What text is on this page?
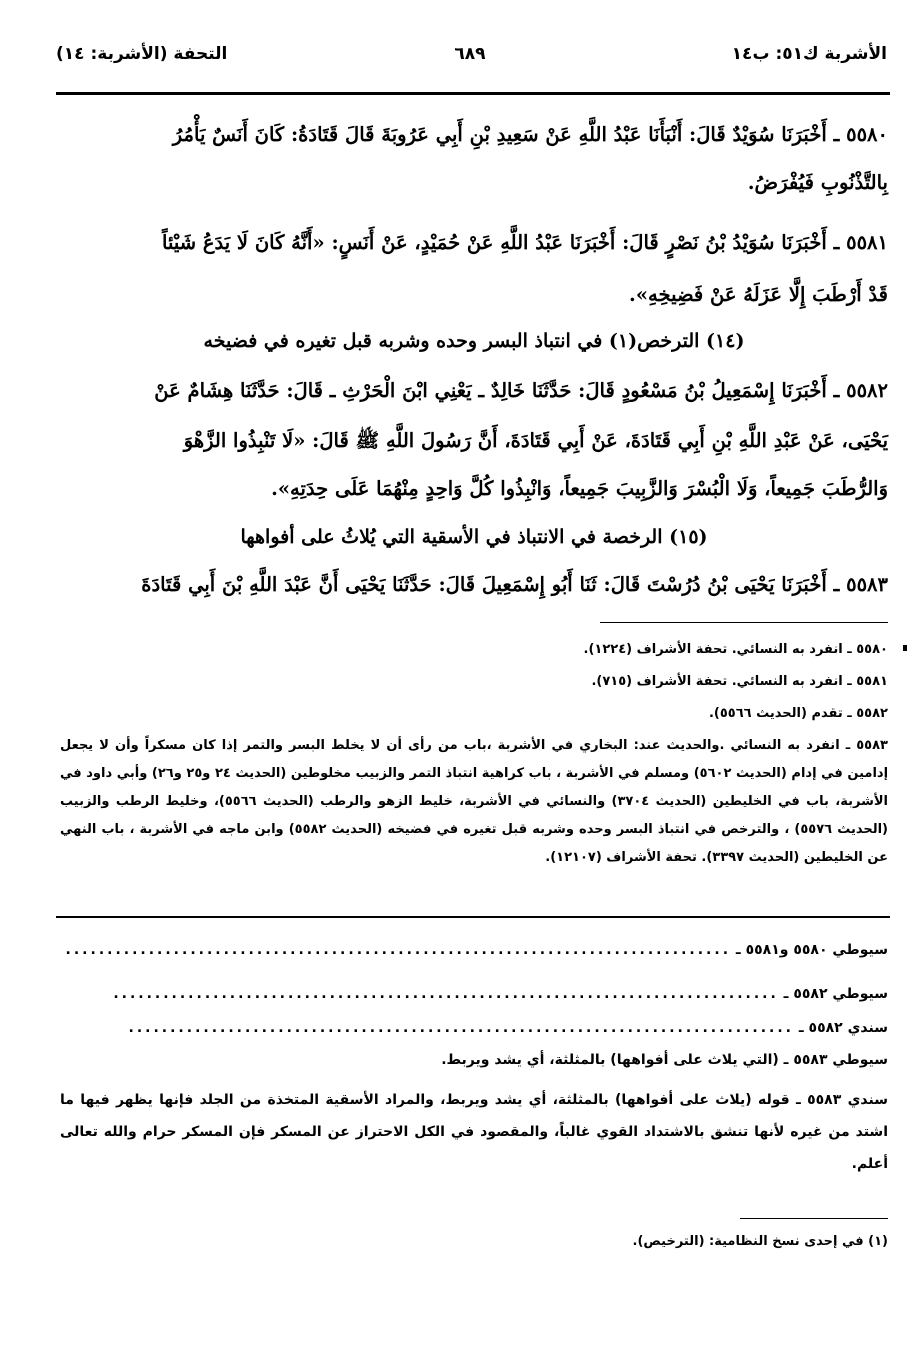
الأشربة ك٥١: ب١٤
٦٨٩
التحفة (الأشربة: ١٤)
٥٥٨٠ ـ أَخْبَرَنَا سُوَيْدٌ قَالَ: أَنْبَأَنَا عَبْدُ اللَّهِ عَنْ سَعِيدِ بْنِ أَبِي عَرُوبَةَ قَالَ قَتَادَةُ: كَانَ أَنَسٌ يَأْمُرُ
بِالتَّذْنُوبِ فَيُفْرَضُ.
٥٥٨١ ـ أَخْبَرَنَا سُوَيْدُ بْنُ نَصْرٍ قَالَ: أَخْبَرَنَا عَبْدُ اللَّهِ عَنْ حُمَيْدٍ، عَنْ أَنَسٍ: «أَنَّهُ كَانَ لَا يَدَعُ شَيْئاً
قَدْ أَرْطَبَ إِلَّا عَزَلَهُ عَنْ فَضِيخِهِ».
(١٤) الترخص(١) في انتباذ البسر وحده وشربه قبل تغيره في فضيخه
٥٥٨٢ ـ أَخْبَرَنَا إِسْمَعِيلُ بْنُ مَسْعُودٍ قَالَ: حَدَّثَنَا خَالِدٌ ـ يَعْنِي ابْنَ الْحَرْثِ ـ قَالَ: حَدَّثَنَا هِشَامٌ عَنْ
يَحْيَى، عَنْ عَبْدِ اللَّهِ بْنِ أَبِي قَتَادَةَ، عَنْ أَبِي قَتَادَةَ، أَنَّ رَسُولَ اللَّهِ ﷺ قَالَ: «لَا تَنْبِذُوا الزَّهْوَ
وَالرُّطَبَ جَمِيعاً، وَلَا الْبُسْرَ وَالزَّبِيبَ جَمِيعاً، وَانْبِذُوا كُلَّ وَاحِدٍ مِنْهُمَا عَلَى حِدَتِهِ».
(١٥) الرخصة في الانتباذ في الأسقية التي يُلاثُ على أفواهها
٥٥٨٣ ـ أَخْبَرَنَا يَحْيَى بْنُ دُرُسْتَ قَالَ: ثَنَا أَبُو إِسْمَعِيلَ قَالَ: حَدَّثَنَا يَحْيَى أَنَّ عَبْدَ اللَّهِ بْنَ أَبِي قَتَادَةَ
٥٥٨٠ ـ انفرد به النسائي. تحفة الأشراف (١٢٢٤).
٥٥٨١ ـ انفرد به النسائي. تحفة الأشراف (٧١٥).
٥٥٨٢ ـ تقدم (الحديث ٥٥٦٦).
٥٥٨٣ ـ انفرد به النسائي .والحديث عند: البخاري في الأشربة ،باب من رأى أن لا يخلط البسر والتمر إذا كان مسكراً وأن لا يجعل إدامين في إدام (الحديث ٥٦٠٢) ومسلم في الأشربة ، باب كراهية انتباذ التمر والزبيب مخلوطين (الحديث ٢٤ و٢٥ و٢٦) وأبي داود في الأشربة، باب في الخليطين (الحديث ٣٧٠٤) والنسائي في الأشربة، خليط الزهو والرطب (الحديث ٥٥٦٦)، وخليط الرطب والزبيب (الحديث ٥٥٧٦) ، والترخص في انتباذ البسر وحده وشربه قبل تغيره في فضيخه (الحديث ٥٥٨٢) وابن ماجه في الأشربة ، باب النهي عن الخليطين (الحديث ٣٣٩٧). تحفة الأشراف (١٢١٠٧).
سيوطي ٥٥٨٠ و٥٥٨١ ـ ................................................................................
سيوطي ٥٥٨٢ ـ ................................................................................
سندي ٥٥٨٢ ـ ................................................................................
سيوطي ٥٥٨٣ ـ (التي يلاث على أفواهها) بالمثلثة، أي يشد ويربط.
سندي ٥٥٨٣ ـ قوله (يلاث على أفواهها) بالمثلثة، أي يشد ويربط، والمراد الأسقية المتخذة من الجلد فإنها يظهر فيها ما اشتد من غيره لأنها تنشق بالاشتداد القوي غالباً، والمقصود في الكل الاحتراز عن المسكر فإن المسكر حرام والله تعالى أعلم.
(١) في إحدى نسخ النظامية: (الترخيص).
